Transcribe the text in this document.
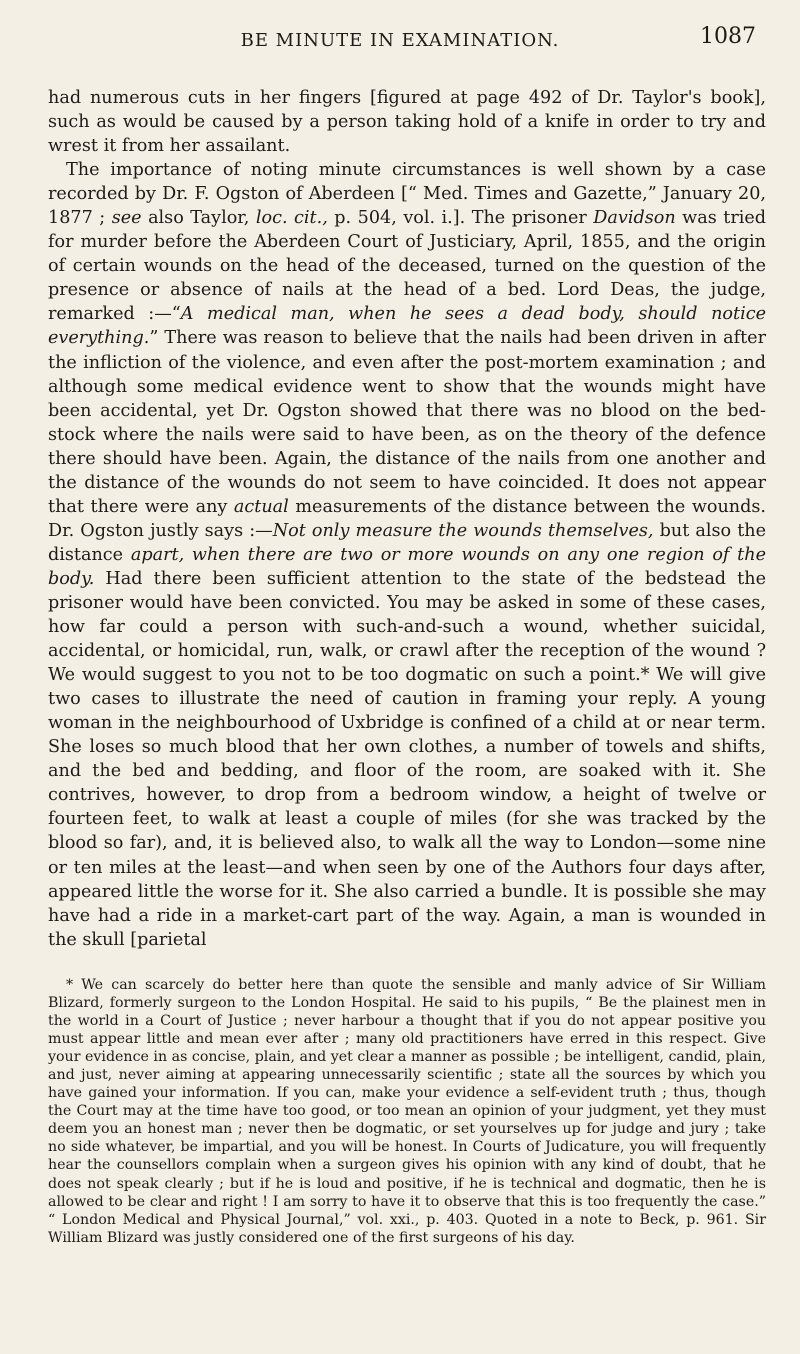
BE MINUTE IN EXAMINATION.	1087

had numerous cuts in her fingers [figured at page 492 of Dr. Taylor's book], such as would be caused by a person taking hold of a knife in order to try and wrest it from her assailant.

The importance of noting minute circumstances is well shown by a case recorded by Dr. F. Ogston of Aberdeen [“ Med. Times and Gazette,” January 20, 1877 ; see also Taylor, loc. cit., p. 504, vol. i.]. The prisoner Davidson was tried for murder before the Aberdeen Court of Justiciary, April, 1855, and the origin of certain wounds on the head of the deceased, turned on the question of the presence or absence of nails at the head of a bed. Lord Deas, the judge, remarked :—“A medical man, when he sees a dead body, should notice everything.” There was reason to believe that the nails had been driven in after the infliction of the violence, and even after the post-mortem examination ; and although some medical evidence went to show that the wounds might have been accidental, yet Dr. Ogston showed that there was no blood on the bed-stock where the nails were said to have been, as on the theory of the defence there should have been. Again, the distance of the nails from one another and the distance of the wounds do not seem to have coincided. It does not appear that there were any actual measurements of the distance between the wounds. Dr. Ogston justly says :—Not only measure the wounds themselves, but also the distance apart, when there are two or more wounds on any one region of the body. Had there been sufficient attention to the state of the bedstead the prisoner would have been convicted. You may be asked in some of these cases, how far could a person with such-and-such a wound, whether suicidal, accidental, or homicidal, run, walk, or crawl after the reception of the wound ? We would suggest to you not to be too dogmatic on such a point.* We will give two cases to illustrate the need of caution in framing your reply. A young woman in the neighbourhood of Uxbridge is confined of a child at or near term. She loses so much blood that her own clothes, a number of towels and shifts, and the bed and bedding, and floor of the room, are soaked with it. She contrives, however, to drop from a bedroom window, a height of twelve or fourteen feet, to walk at least a couple of miles (for she was tracked by the blood so far), and, it is believed also, to walk all the way to London—some nine or ten miles at the least—and when seen by one of the Authors four days after, appeared little the worse for it. She also carried a bundle. It is possible she may have had a ride in a market-cart part of the way. Again, a man is wounded in the skull [parietal

* We can scarcely do better here than quote the sensible and manly advice of Sir William Blizard, formerly surgeon to the London Hospital. He said to his pupils, “ Be the plainest men in the world in a Court of Justice ; never harbour a thought that if you do not appear positive you must appear little and mean ever after ; many old practitioners have erred in this respect. Give your evidence in as concise, plain, and yet clear a manner as possible ; be intelligent, candid, plain, and just, never aiming at appearing unnecessarily scientific ; state all the sources by which you have gained your information. If you can, make your evidence a self-evident truth ; thus, though the Court may at the time have too good, or too mean an opinion of your judgment, yet they must deem you an honest man ; never then be dogmatic, or set yourselves up for judge and jury ; take no side whatever, be impartial, and you will be honest. In Courts of Judicature, you will frequently hear the counsellors complain when a surgeon gives his opinion with any kind of doubt, that he does not speak clearly ; but if he is loud and positive, if he is technical and dogmatic, then he is allowed to be clear and right ! I am sorry to have it to observe that this is too frequently the case.” “ London Medical and Physical Journal,” vol. xxi., p. 403. Quoted in a note to Beck, p. 961. Sir William Blizard was justly considered one of the first surgeons of his day.
